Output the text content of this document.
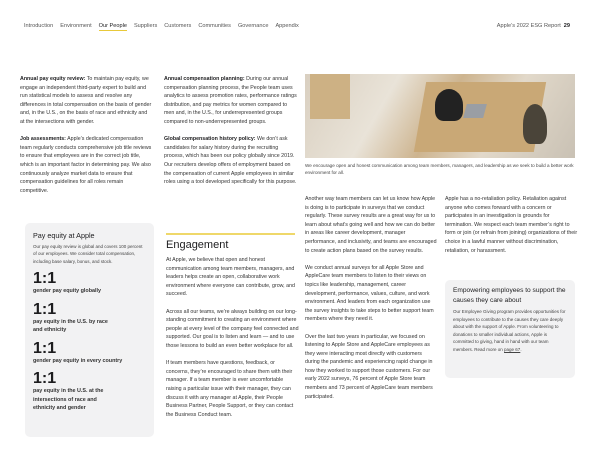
Introduction Environment Our People Suppliers Customers Communities Governance Appendix	Apple’s 2022 ESG Report 29

Annual pay equity review: To maintain pay equity, we engage an independent third-party expert to build and run statistical models to assess and resolve any differences in total compensation on the basis of gender and, in the U.S., on the basis of race and ethnicity and at the intersections with gender.

Job assessments: Apple’s dedicated compensation team regularly conducts comprehensive job title reviews to ensure that employees are in the correct job title, which is an important factor in determining pay. We also continuously analyze market data to ensure that compensation guidelines for all roles remain competitive.

Annual compensation planning: During our annual compensation planning process, the People team uses analytics to assess promotion rates, performance ratings distribution, and pay metrics for women compared to men and, in the U.S., for underrepresented groups compared to non-underrepresented groups.

Global compensation history policy: We don’t ask candidates for salary history during the recruiting process, which has been our policy globally since 2019. Our recruiters develop offers of employment based on the compensation of current Apple employees in similar roles using a tool developed specifically for this purpose.

Pay equity at Apple
Our pay equity review is global and covers 100 percent of our employees. We consider total compensation, including base salary, bonus, and stock.
1:1
gender pay equity globally
1:1
pay equity in the U.S. by race and ethnicity
1:1
gender pay equity in every country
1:1
pay equity in the U.S. at the intersections of race and ethnicity and gender
Engagement

At Apple, we believe that open and honest communication among team members, managers, and leaders helps create an open, collaborative work environment where everyone can contribute, grow, and succeed.

Across all our teams, we’re always building on our long-standing commitment to creating an environment where people at every level of the company feel connected and supported. Our goal is to listen and learn — and to use those lessons to build an even better workplace for all.

If team members have questions, feedback, or concerns, they’re encouraged to share them with their manager. If a team member is ever uncomfortable raising a particular issue with their manager, they can discuss it with any manager at Apple, their People Business Partner, People Support, or they can contact the Business Conduct team.

We encourage open and honest communication among team members, managers, and leadership as we seek to build a better work environment for all.

Another way team members can let us know how Apple is doing is to participate in surveys that we conduct regularly. These survey results are a great way for us to learn about what’s going well and how we can do better in areas like career development, manager performance, and inclusivity, and teams are encouraged to create action plans based on the survey results.

We conduct annual surveys for all Apple Store and AppleCare team members to listen to their views on topics like leadership, management, career development, performance, values, culture, and work environment. And leaders from each organization use the survey insights to take steps to better support team members where they need it.

Over the last two years in particular, we focused on listening to Apple Store and AppleCare employees as they were interacting most directly with customers during the pandemic and experiencing rapid change in how they worked to support those customers. For our early 2022 surveys, 76 percent of Apple Store team members and 73 percent of AppleCare team members participated.

Apple has a no-retaliation policy. Retaliation against anyone who comes forward with a concern or participates in an investigation is grounds for termination. We respect each team member’s right to form or join (or refrain from joining) organizations of their choice in a lawful manner without discrimination, retaliation, or harassment.

Empowering employees to support the causes they care about
Our Employee Giving program provides opportunities for employees to contribute to the causes they care deeply about with the support of Apple. From volunteering to donations to smaller individual actions, Apple is committed to giving, hand in hand with our team members. Read more on page 67.
